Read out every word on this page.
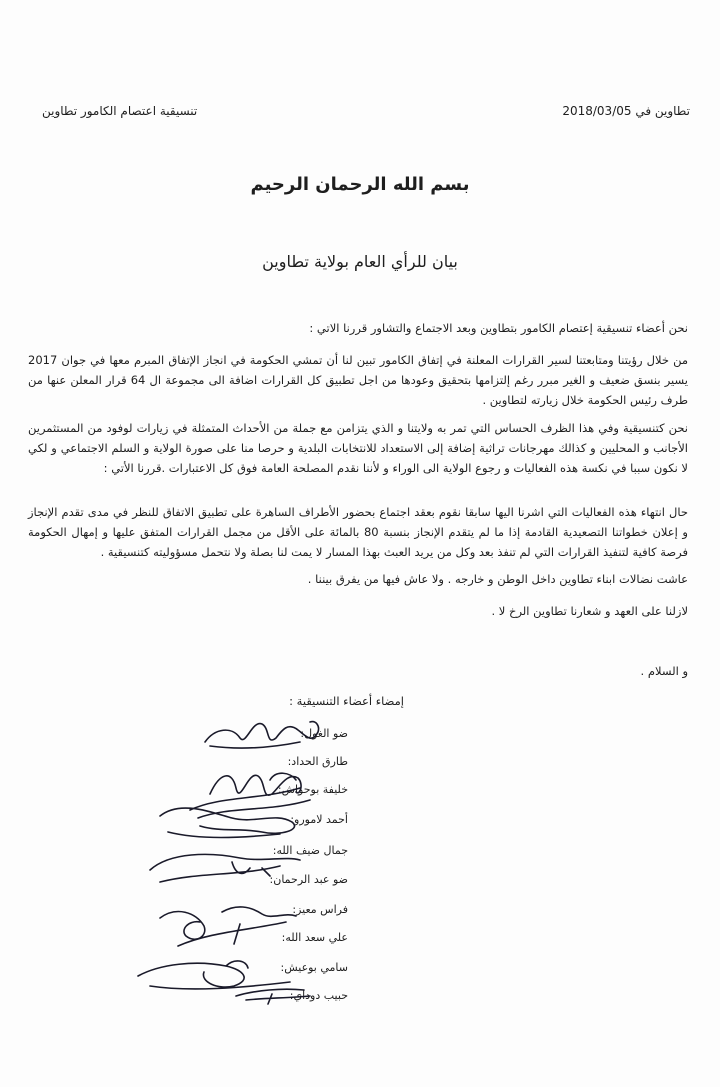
تطاوين في 2018/03/05
تنسيقية اعتصام الكامور تطاوين
بسم الله الرحمان الرحيم
بيان للرأي العام بولاية تطاوين
نحن أعضاء تنسيقية إعتصام الكامور بتطاوين وبعد الاجتماع والتشاور قررنا الاتي :
من خلال رؤيتنا ومتابعتنا لسير القرارات المعلنة في إتفاق الكامور تبين لنا أن تمشي الحكومة في انجاز الإتفاق المبرم معها في جوان 2017 يسير بنسق ضعيف و الغير مبرر رغم إلتزامها بتحقيق وعودها من اجل تطبيق كل القرارات اضافة الى مجموعة ال 64 قرار المعلن عنها من طرف رئيس الحكومة خلال زيارته لتطاوين .
نحن كتنسيقية وفي هذا الظرف الحساس التي تمر به ولايتنا و الذي يتزامن مع جملة من الأحداث المتمثلة في زيارات لوفود من المستثمرين الأجانب و المحليين و كذالك مهرجانات تراثية إضافة إلى الاستعداد للانتخابات البلدية و حرصا منا على صورة الولاية و السلم الاجتماعي و لكي لا نكون سببا في نكسة هذه الفعاليات و رجوع الولاية الى الوراء و لأننا نقدم المصلحة العامة فوق كل الاعتبارات .قررنا الأتي :
حال انتهاء هذه الفعاليات التي اشرنا اليها سابقا نقوم بعقد اجتماع بحضور الأطراف الساهرة على تطبيق الاتفاق للنظر في مدى تقدم الإنجاز و إعلان خطواتنا التصعيدية القادمة إذا ما لم يتقدم الإنجاز بنسبة 80 بالمائة على الأقل من مجمل القرارات المتفق عليها و إمهال الحكومة فرصة كافية لتنفيذ القرارات التي لم تنفذ بعد وكل من يريد العبث بهذا المسار لا يمت لنا بصلة ولا نتحمل مسؤوليته كتنسيقية .
عاشت نضالات ابناء تطاوين داخل الوطن و خارجه . ولا عاش فيها من يفرق بيننا .
لازلنا على العهد و شعارنا تطاوين الرخ لا .
و السلام .
إمضاء أعضاء التنسيقية :
ضو الغول:
طارق الحداد:
خليفة بوحواش:
أحمد لامورو:
جمال ضيف الله:
ضو عبد الرحمان:
فراس معيز:
علي سعد الله:
سامي بوعيش:
حبيب دوداي:
